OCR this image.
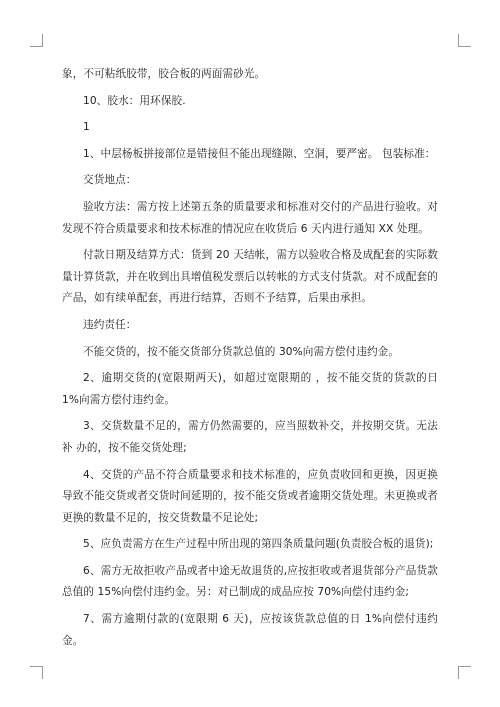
象，不可粘纸胶带，胶合板的两面需砂光。

10、胶水：用环保胶.

1

1、中层杨板拼接部位是错接但不能出现缝隙、空洞，要严密。 包装标准：

交货地点：

验收方法：需方按上述第五条的质量要求和标准对交付的产品进行验收。对发现不符合质量要求和技术标准的情况应在收货后 6 天内进行通知 XX 处理。

付款日期及结算方式：货到 20 天结帐，需方以验收合格及成配套的实际数量计算货款，并在收到出具增值税发票后以转帐的方式支付货款。对不成配套的产品，如有续单配套，再进行结算，否则不予结算，后果由承担。

违约责任：

不能交货的，按不能交货部分货款总值的 30%向需方偿付违约金。

2、逾期交货的(宽限期两天)，如超过宽限期的 ，按不能交货的货款的日 1%向需方偿付违约金。

3、交货数量不足的，需方仍然需要的，应当照数补交，并按期交货。无法补 办的，按不能交货处理;

4、交货的产品不符合质量要求和技术标准的，应负责收回和更换，因更换导致不能交货或者交货时间延期的，按不能交货或者逾期交货处理。未更换或者更换的数量不足的，按交货数量不足论处;

5、应负责需方在生产过程中所出现的第四条质量问题(负责胶合板的退货);

6、需方无故拒收产品或者中途无故退货的,应按拒收或者退货部分产品货款总值的 15%向偿付违约金。另：对已制成的成品应按 70%向偿付违约金;

7、需方逾期付款的(宽限期 6 天)，应按该货款总值的日 1%向偿付违约金。
